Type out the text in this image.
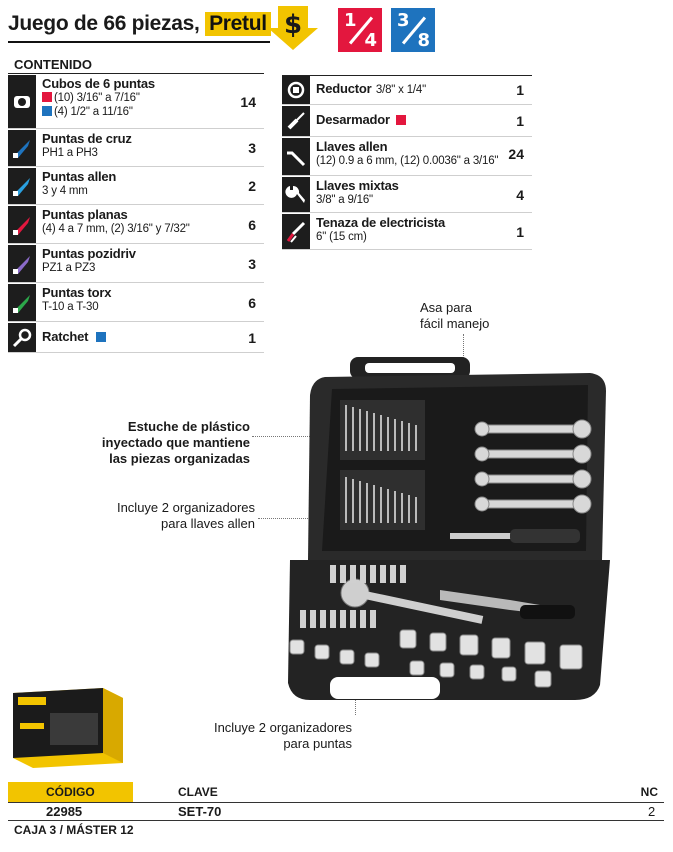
Juego de 66 piezas, Pretul $ 1
4
3
8
CONTENIDO
Cubos de 6 puntas
(10) 3/16" a 7/16"
(4) 1/2" a 11/16"
14
Puntas de cruz
PH1 a PH3	3
Puntas allen
3 y 4 mm	2
Puntas planas
(4) 4 a 7 mm, (2) 3/16" y 7/32"	6
Puntas pozidriv
PZ1 a PZ3	3
Puntas torx
T-10 a T-30	6
Ratchet	1
Reductor 3/8" x 1/4"	1
Desarmador	1
Llaves allen
(12) 0.9 a 6 mm, (12) 0.0036" a 3/16" 24
Llaves mixtas
3/8" a 9/16"	4
Tenaza de electricista
6" (15 cm)	1
Asa para
fácil manejo
Estuche de plástico
inyectado que mantiene
las piezas organizadas
Incluye 2 organizadores
para llaves allen
Incluye 2 organizadores
para puntas
CÓDIGO	CLAVE	NC
22985	SET-70	2
CAJA 3 / MÁSTER 12
